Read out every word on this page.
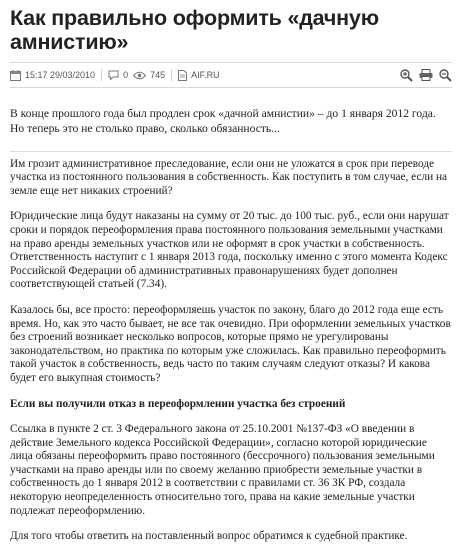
Как правильно оформить «дачную амнистию»
15:17 29/03/2010	0 745	AIF.RU

В конце прошлого года был продлен срок «дачной амнистии» – до 1 января 2012 года. Но теперь это не столько право, сколько обязанность...

Им грозит административное преследование, если они не уложатся в срок при переводе участка из постоянного пользования в собственность. Как поступить в том случае, если на земле еще нет никаких строений?

Юридические лица будут наказаны на сумму от 20 тыс. до 100 тыс. руб., если они нарушат сроки и порядок переоформления права постоянного пользования земельными участками на право аренды земельных участков или не оформят в срок участки в собственность. Ответственность наступит с 1 января 2013 года, поскольку именно с этого момента Кодекс Российской Федерации об административных правонарушениях будет дополнен соответствующей статьей (7.34).

Казалось бы, все просто: переоформляешь участок по закону, благо до 2012 года еще есть время. Но, как это часто бывает, не все так очевидно. При оформлении земельных участков без строений возникает несколько вопросов, которые прямо не урегулированы законодательством, но практика по которым уже сложилась. Как правильно переоформить такой участок в собственность, ведь часто по таким случаям следуют отказы? И какова будет его выкупная стоимость?

Если вы получили отказ в переоформлении участка без строений

Ссылка в пункте 2 ст. 3 Федерального закона от 25.10.2001 №137-ФЗ «О введении в действие Земельного кодекса Российской Федерации», согласно которой юридические лица обязаны переоформить право постоянного (бессрочного) пользования земельными участками на право аренды или по своему желанию приобрести земельные участки в собственность до 1 января 2012 в соответствии с правилами ст. 36 ЗК РФ, создала некоторую неопределенность относительно того, права на какие земельные участки подлежат переоформлению.

Для того чтобы ответить на поставленный вопрос обратимся к судебной практике.
